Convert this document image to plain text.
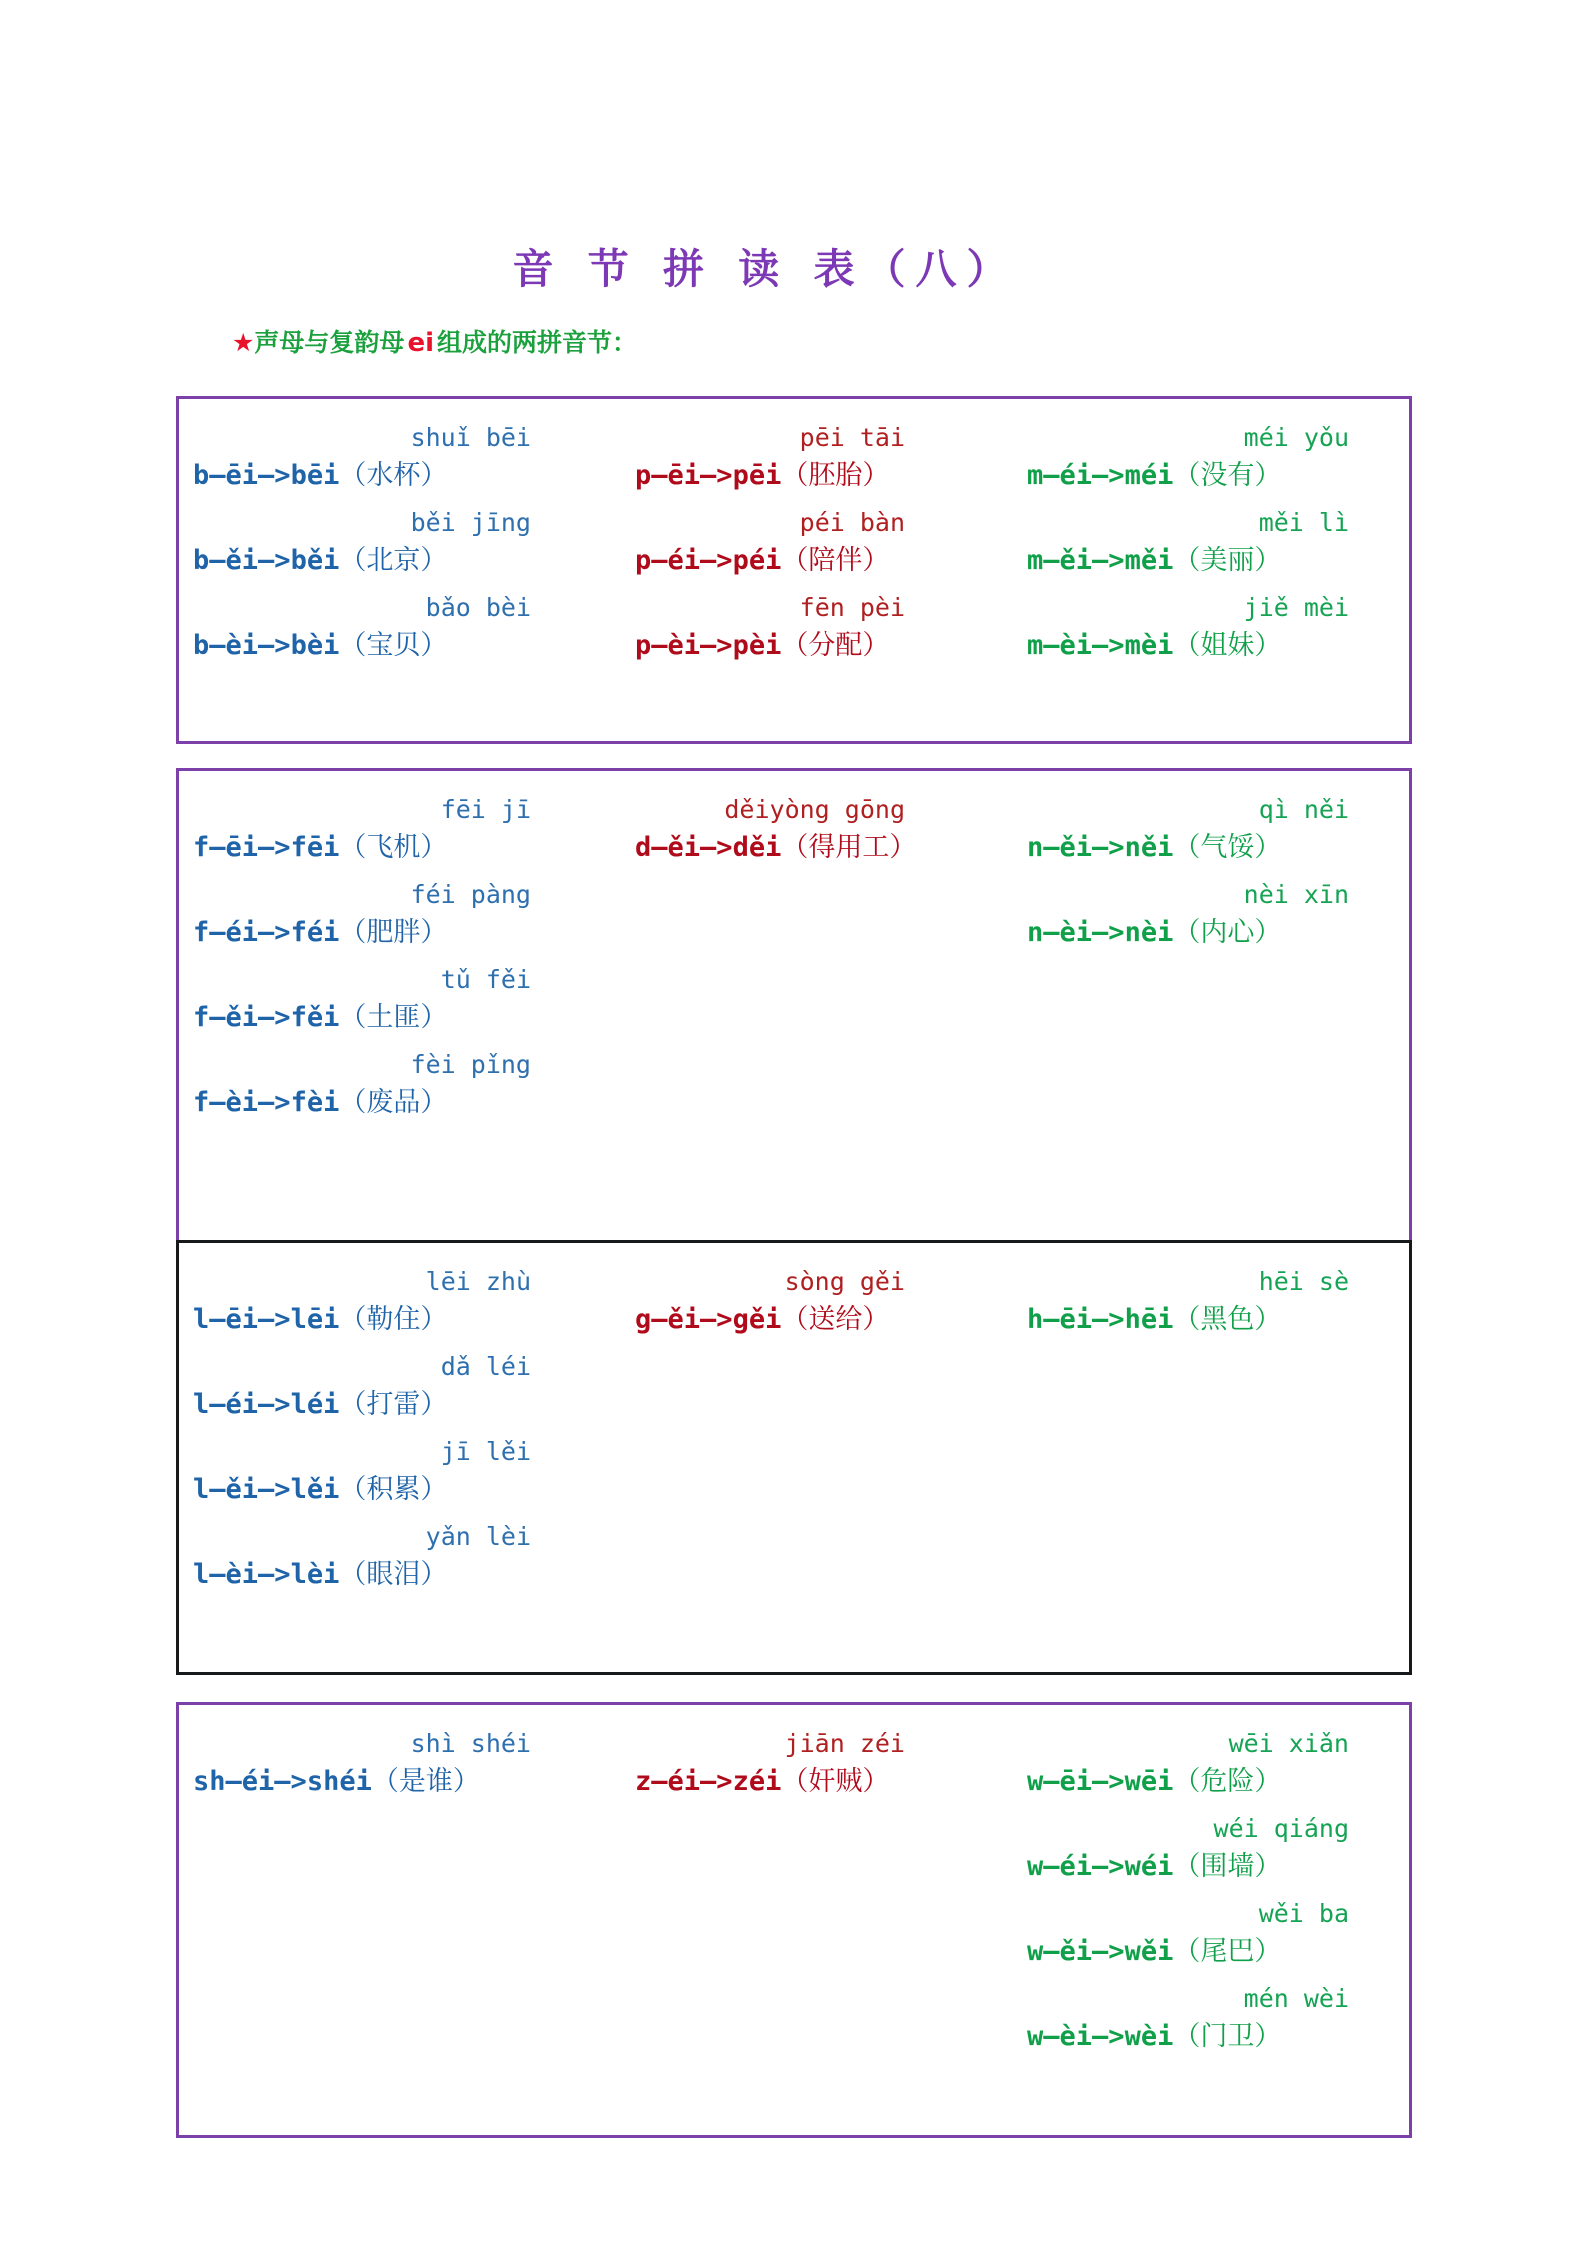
音 节 拼 读 表（八）
★声母与复韵母 ei 组成的两拼音节：
shuǐ bēi
b—ēi—>bēi（水杯）
běi jīng
b—ěi—>běi（北京）
bǎo bèi
b—èi—>bèi（宝贝）
pēi tāi
p—ēi—>pēi（胚胎）
péi bàn
p—éi—>péi（陪伴）
fēn pèi
p—èi—>pèi（分配）
méi yǒu
m—éi—>méi（没有）
měi lì
m—ěi—>měi（美丽）
jiě mèi
m—èi—>mèi（姐妹）
fēi jī
f—ēi—>fēi（飞机）
féi pàng
f—éi—>féi（肥胖）
tǔ fěi
f—ěi—>fěi（土匪）
fèi pǐng
f—èi—>fèi（废品）
děiyòng gōng
d—ěi—>děi（得用工）
qì něi
n—ěi—>něi（气馁）
nèi xīn
n—èi—>nèi（内心）
lēi zhù
l—ēi—>lēi（勒住）
dǎ léi
l—éi—>léi（打雷）
jī lěi
l—ěi—>lěi（积累）
yǎn lèi
l—èi—>lèi（眼泪）
sòng gěi
g—ěi—>gěi（送给）
hēi sè
h—ēi—>hēi（黑色）
shì shéi
sh—éi—>shéi（是谁）
jiān zéi
z—éi—>zéi（奸贼）
wēi xiǎn
w—ēi—>wēi（危险）
wéi qiáng
w—éi—>wéi（围墙）
wěi ba
w—ěi—>wěi（尾巴）
mén wèi
w—èi—>wèi（门卫）
